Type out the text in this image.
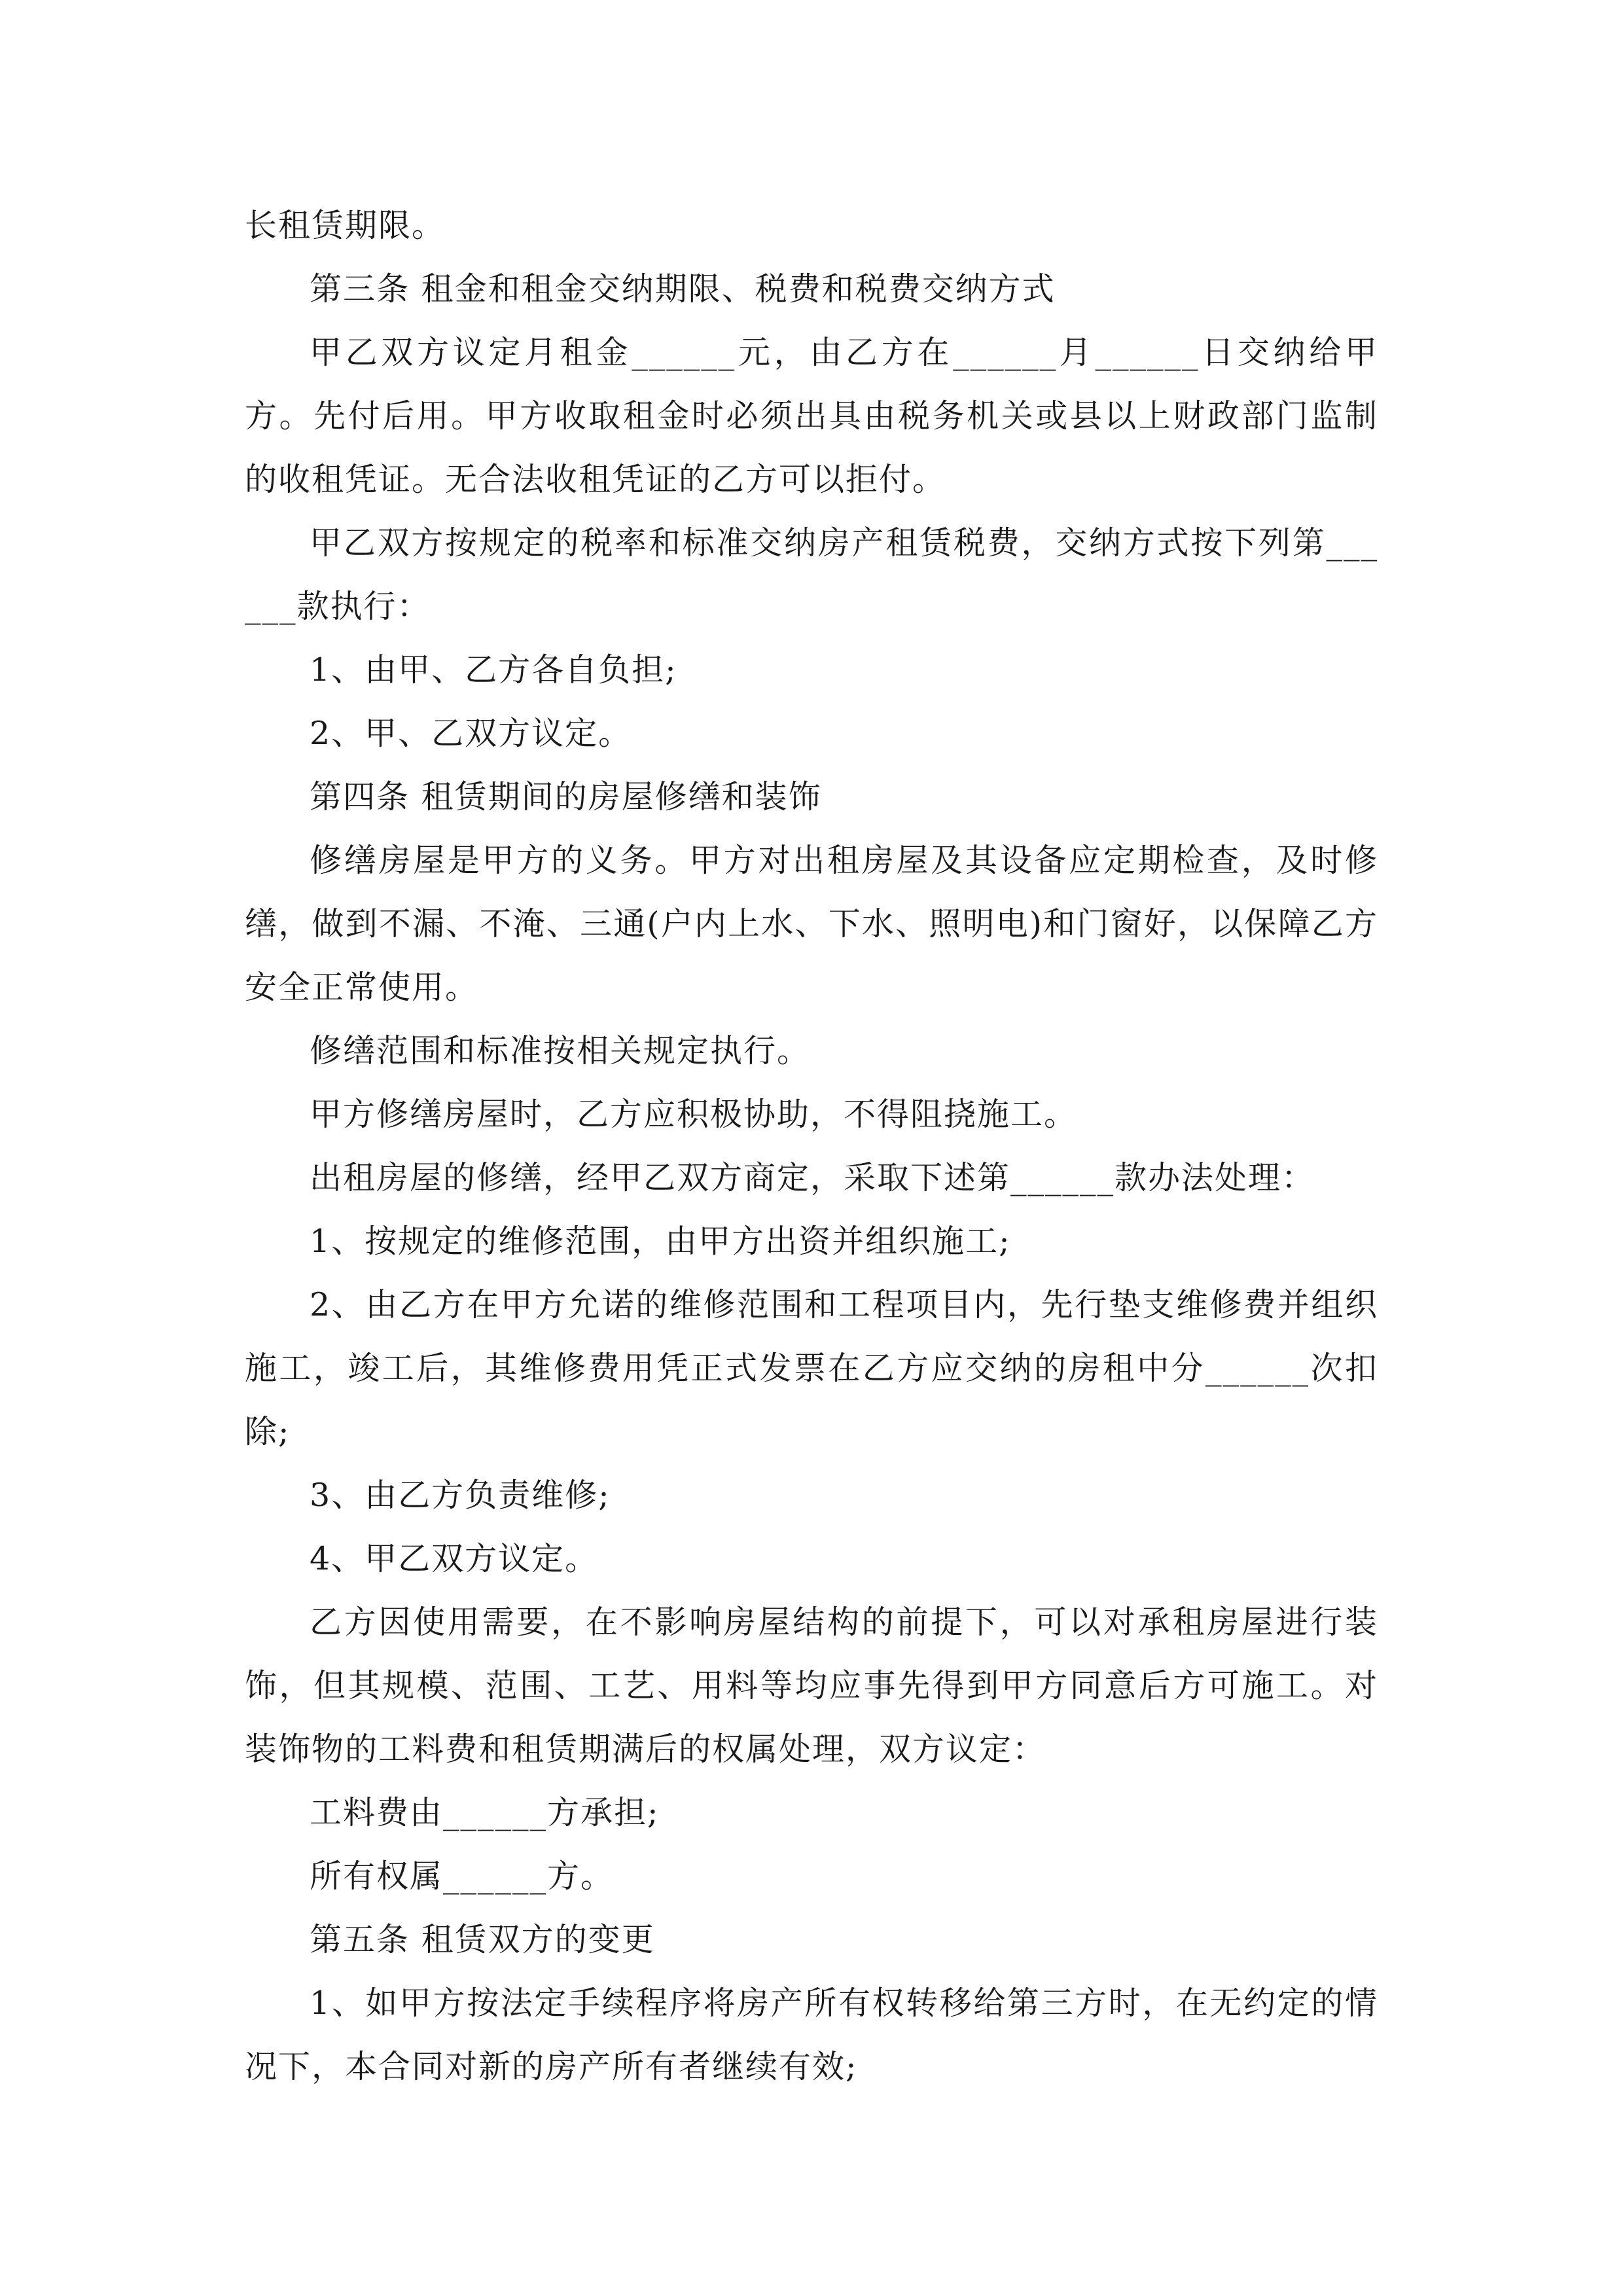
长租赁期限。

第三条 租金和租金交纳期限、税费和税费交纳方式

甲乙双方议定月租金______元，由乙方在______月______日交纳给甲方。先付后用。甲方收取租金时必须出具由税务机关或县以上财政部门监制的收租凭证。无合法收租凭证的乙方可以拒付。

甲乙双方按规定的税率和标准交纳房产租赁税费，交纳方式按下列第______款执行：

1、由甲、乙方各自负担;

2、甲、乙双方议定。

第四条 租赁期间的房屋修缮和装饰

修缮房屋是甲方的义务。甲方对出租房屋及其设备应定期检查，及时修缮，做到不漏、不淹、三通(户内上水、下水、照明电)和门窗好，以保障乙方安全正常使用。

修缮范围和标准按相关规定执行。

甲方修缮房屋时，乙方应积极协助，不得阻挠施工。

出租房屋的修缮，经甲乙双方商定，采取下述第______款办法处理：

1、按规定的维修范围，由甲方出资并组织施工;

2、由乙方在甲方允诺的维修范围和工程项目内，先行垫支维修费并组织施工，竣工后，其维修费用凭正式发票在乙方应交纳的房租中分______次扣除;

3、由乙方负责维修;

4、甲乙双方议定。

乙方因使用需要，在不影响房屋结构的前提下，可以对承租房屋进行装饰，但其规模、范围、工艺、用料等均应事先得到甲方同意后方可施工。对装饰物的工料费和租赁期满后的权属处理，双方议定：

工料费由______方承担;

所有权属______方。

第五条 租赁双方的变更

1、如甲方按法定手续程序将房产所有权转移给第三方时，在无约定的情况下，本合同对新的房产所有者继续有效;
